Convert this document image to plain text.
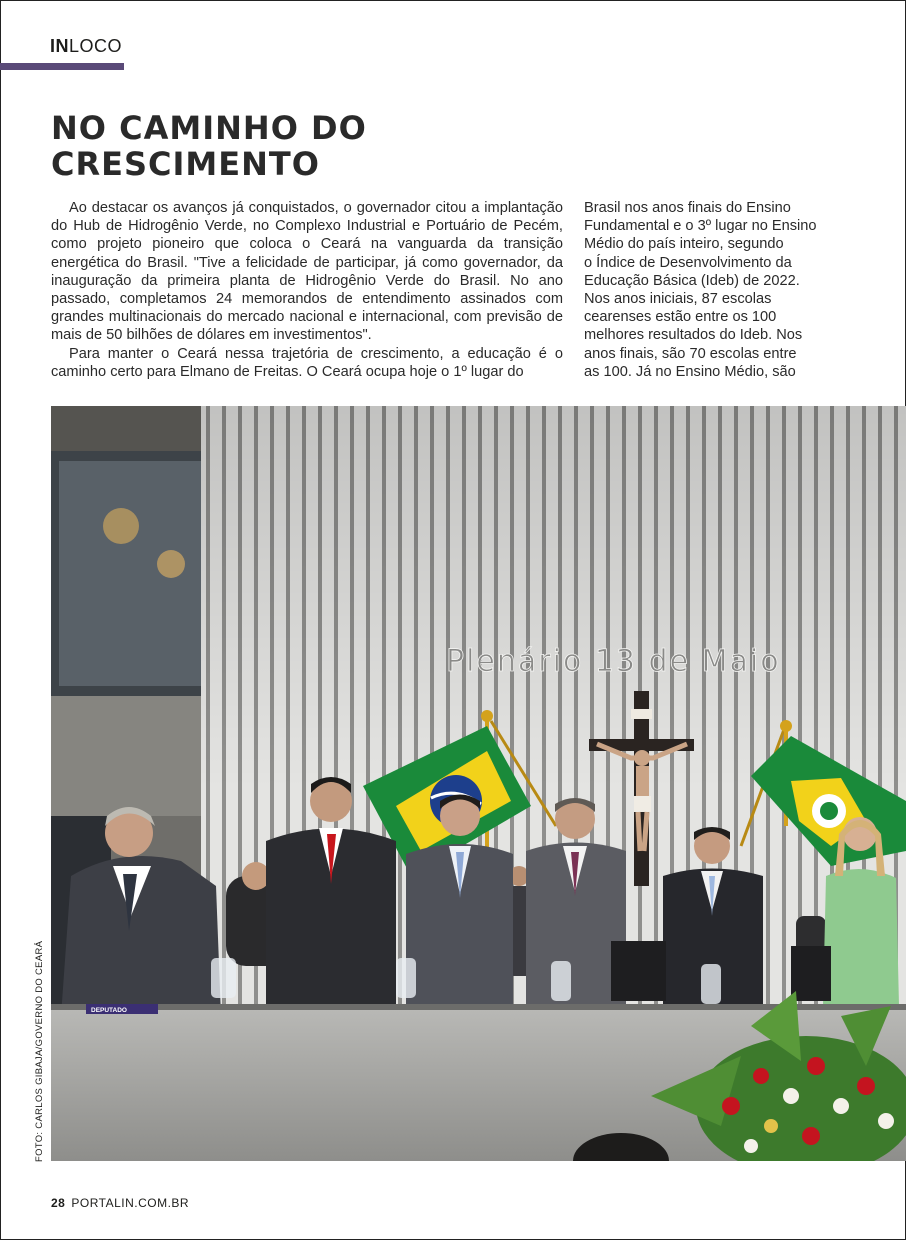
INLOCO
NO CAMINHO DO
CRESCIMENTO

Ao destacar os avanços já conquistados, o governador citou a implantação do Hub de Hidrogênio Verde, no Complexo Industrial e Portuário de Pecém, como projeto pioneiro que coloca o Ceará na vanguarda da transição energética do Brasil. "Tive a felicidade de participar, já como governador, da inauguração da primeira planta de Hidrogênio Verde do Brasil. No ano passado, completamos 24 memorandos de entendimento assinados com grandes multinacionais do mercado nacional e internacional, com previsão de mais de 50 bilhões de dólares em investimentos".

Para manter o Ceará nessa trajetória de crescimento, a educação é o caminho certo para Elmano de Freitas. O Ceará ocupa hoje o 1º lugar do

Brasil nos anos finais do Ensino
Fundamental e o 3º lugar no Ensino
Médio do país inteiro, segundo
o Índice de Desenvolvimento da
Educação Básica (Ideb) de 2022.
Nos anos iniciais, 87 escolas
cearenses estão entre os 100
melhores resultados do Ideb. Nos
anos finais, são 70 escolas entre
as 100. Já no Ensino Médio, são
Plenário 13 de Maio
DEPUTADO
FOTO: CARLOS GIBAJA/GOVERNO DO CEARÁ
28 PORTALIN.COM.BR
